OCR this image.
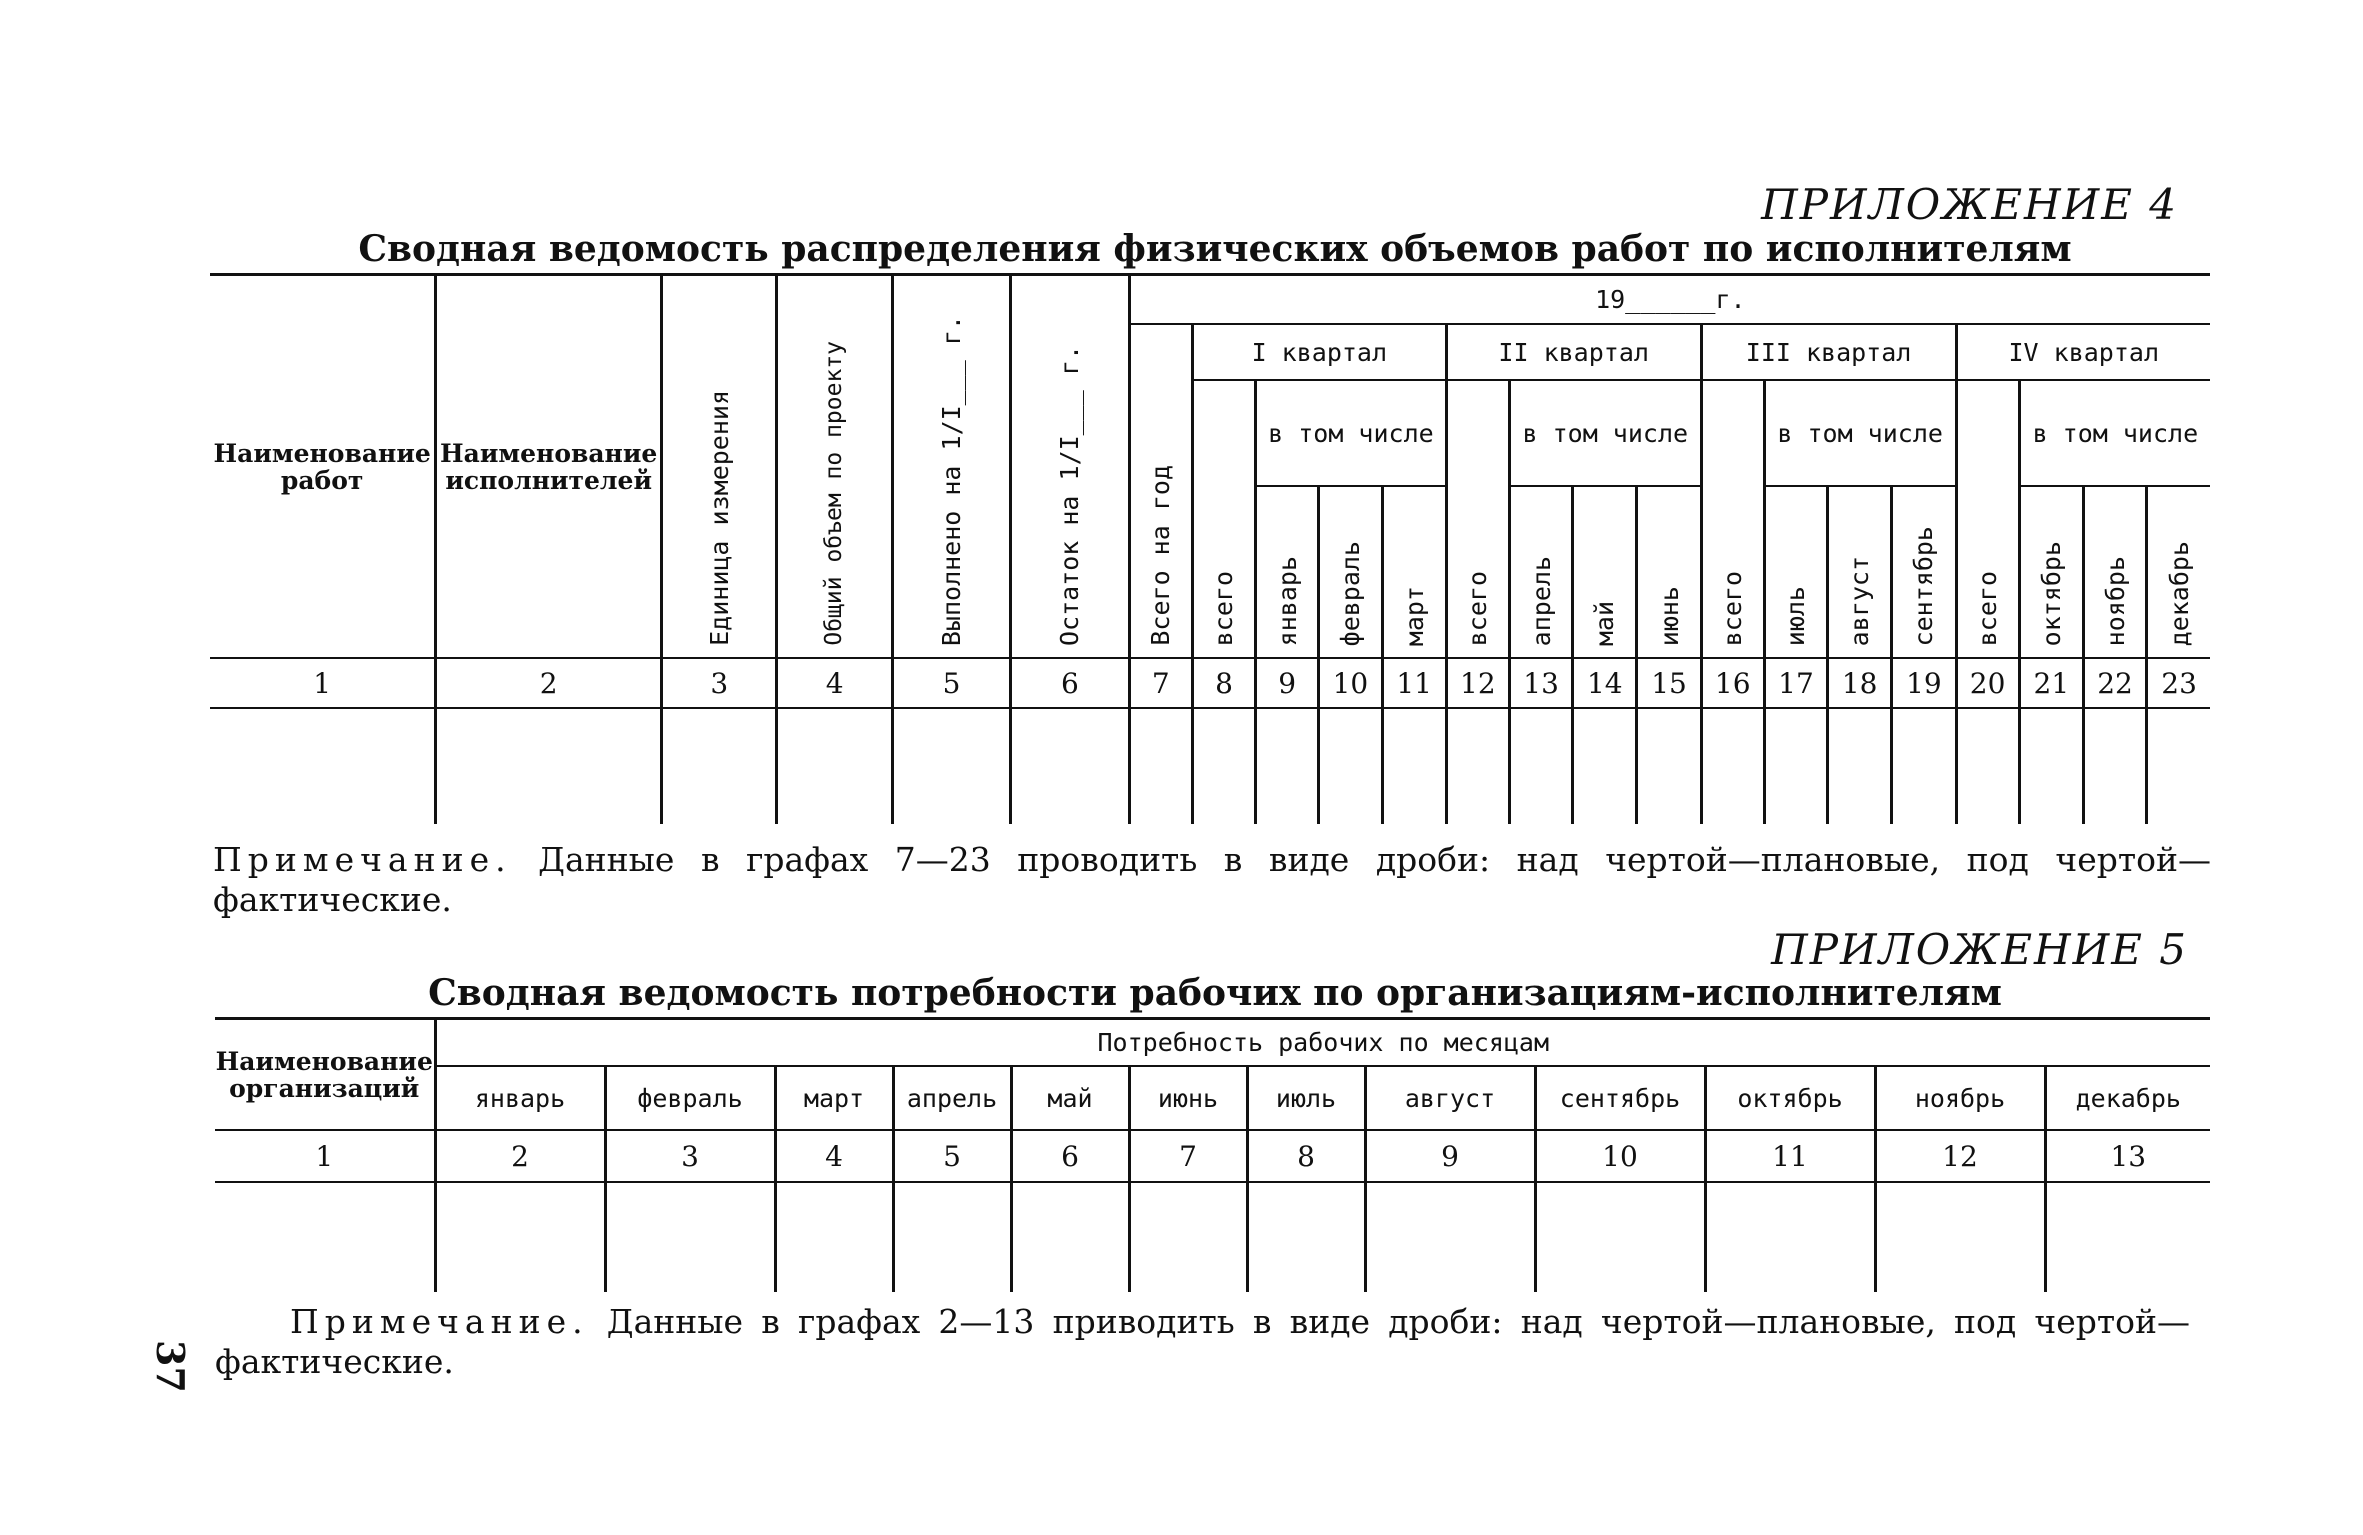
ПРИЛОЖЕНИЕ 4
Сводная ведомость распределения физических объемов работ по исполнителям
Наименование работ	Наименование исполнителей	Единица измерения	Общий объем по проекту	Выполнено на 1/I___ г.	Остаток на 1/I___ г.	19______г.																
						Всего на год	I квартал				II квартал				III квартал				IV квартал			
							всего	в том числе			всего	в том числе			всего	в том числе			всего	в том числе		
								январь	февраль	март		апрель	май	июнь		июль	август	сентябрь		октябрь	ноябрь	декабрь
1	2	3	4	5	6	7	8	9	10	11	12	13	14	15	16	17	18	19	20	21	22	23

Примечание. Данные в графах 7—23 проводить в виде дроби: над чертой—плановые, под чертой—
фактические.
ПРИЛОЖЕНИЕ 5
Сводная ведомость потребности рабочих по организациям-исполнителям
Наименование организаций	Потребность рабочих по месяцам											
	январь	февраль	март	апрель	май	июнь	июль	август	сентябрь	октябрь	ноябрь	декабрь
1	2	3	4	5	6	7	8	9	10	11	12	13

Примечание. Данные в графах 2—13 приводить в виде дроби: над чертой—плановые, под чертой—
фактические.
37
